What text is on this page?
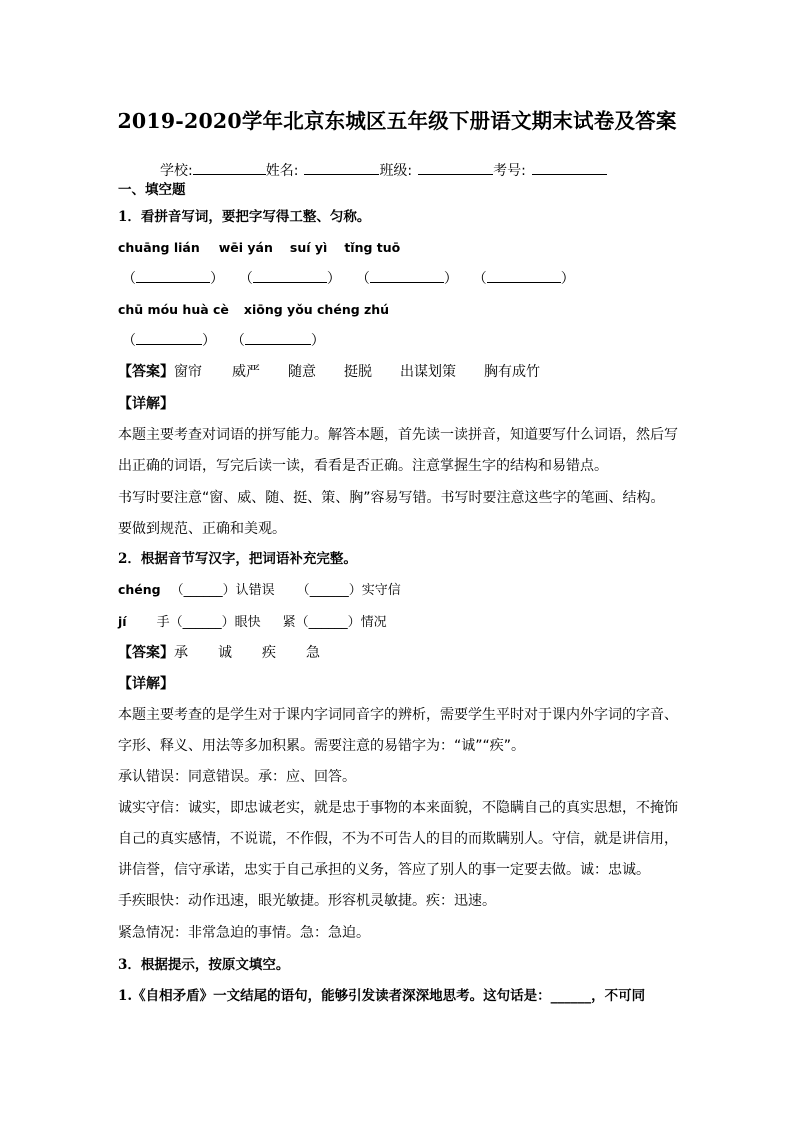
2019-2020学年北京东城区五年级下册语文期末试卷及答案
学校:	姓名:	班级:	考号:
一、填空题
1．看拼音写词，要把字写得工整、匀称。
chuāng lián wēi yán suí yì tǐng tuō
（	） （	） （	） （	）
chū móu huà cè xiōng yǒu chéng zhú
（	） （	）
【答案】窗帘 威严 随意 挺脱 出谋划策 胸有成竹
【详解】
本题主要考查对词语的拼写能力。解答本题，首先读一读拼音，知道要写什么词语，然后写
出正确的词语，写完后读一读，看看是否正确。注意掌握生字的结构和易错点。
书写时要注意“窗、威、随、挺、策、胸”容易写错。书写时要注意这些字的笔画、结构。
要做到规范、正确和美观。
2．根据音节写汉字，把词语补充完整。
chéng （______）认错误 （______）实守信
jí 手（______）眼快 紧（______）情况
【答案】承 诚 疾 急
【详解】
本题主要考查的是学生对于课内字词同音字的辨析，需要学生平时对于课内外字词的字音、
字形、释义、用法等多加积累。需要注意的易错字为：“诚”“疾”。
承认错误：同意错误。承：应、回答。
诚实守信：诚实，即忠诚老实，就是忠于事物的本来面貌，不隐瞒自己的真实思想，不掩饰
自己的真实感情，不说谎，不作假，不为不可告人的目的而欺瞒别人。守信，就是讲信用，
讲信誉，信守承诺，忠实于自己承担的义务，答应了别人的事一定要去做。诚：忠诚。
手疾眼快：动作迅速，眼光敏捷。形容机灵敏捷。疾：迅速。
紧急情况：非常急迫的事情。急：急迫。
3．根据提示，按原文填空。
1.《自相矛盾》一文结尾的语句，能够引发读者深深地思考。这句话是：______，不可同
